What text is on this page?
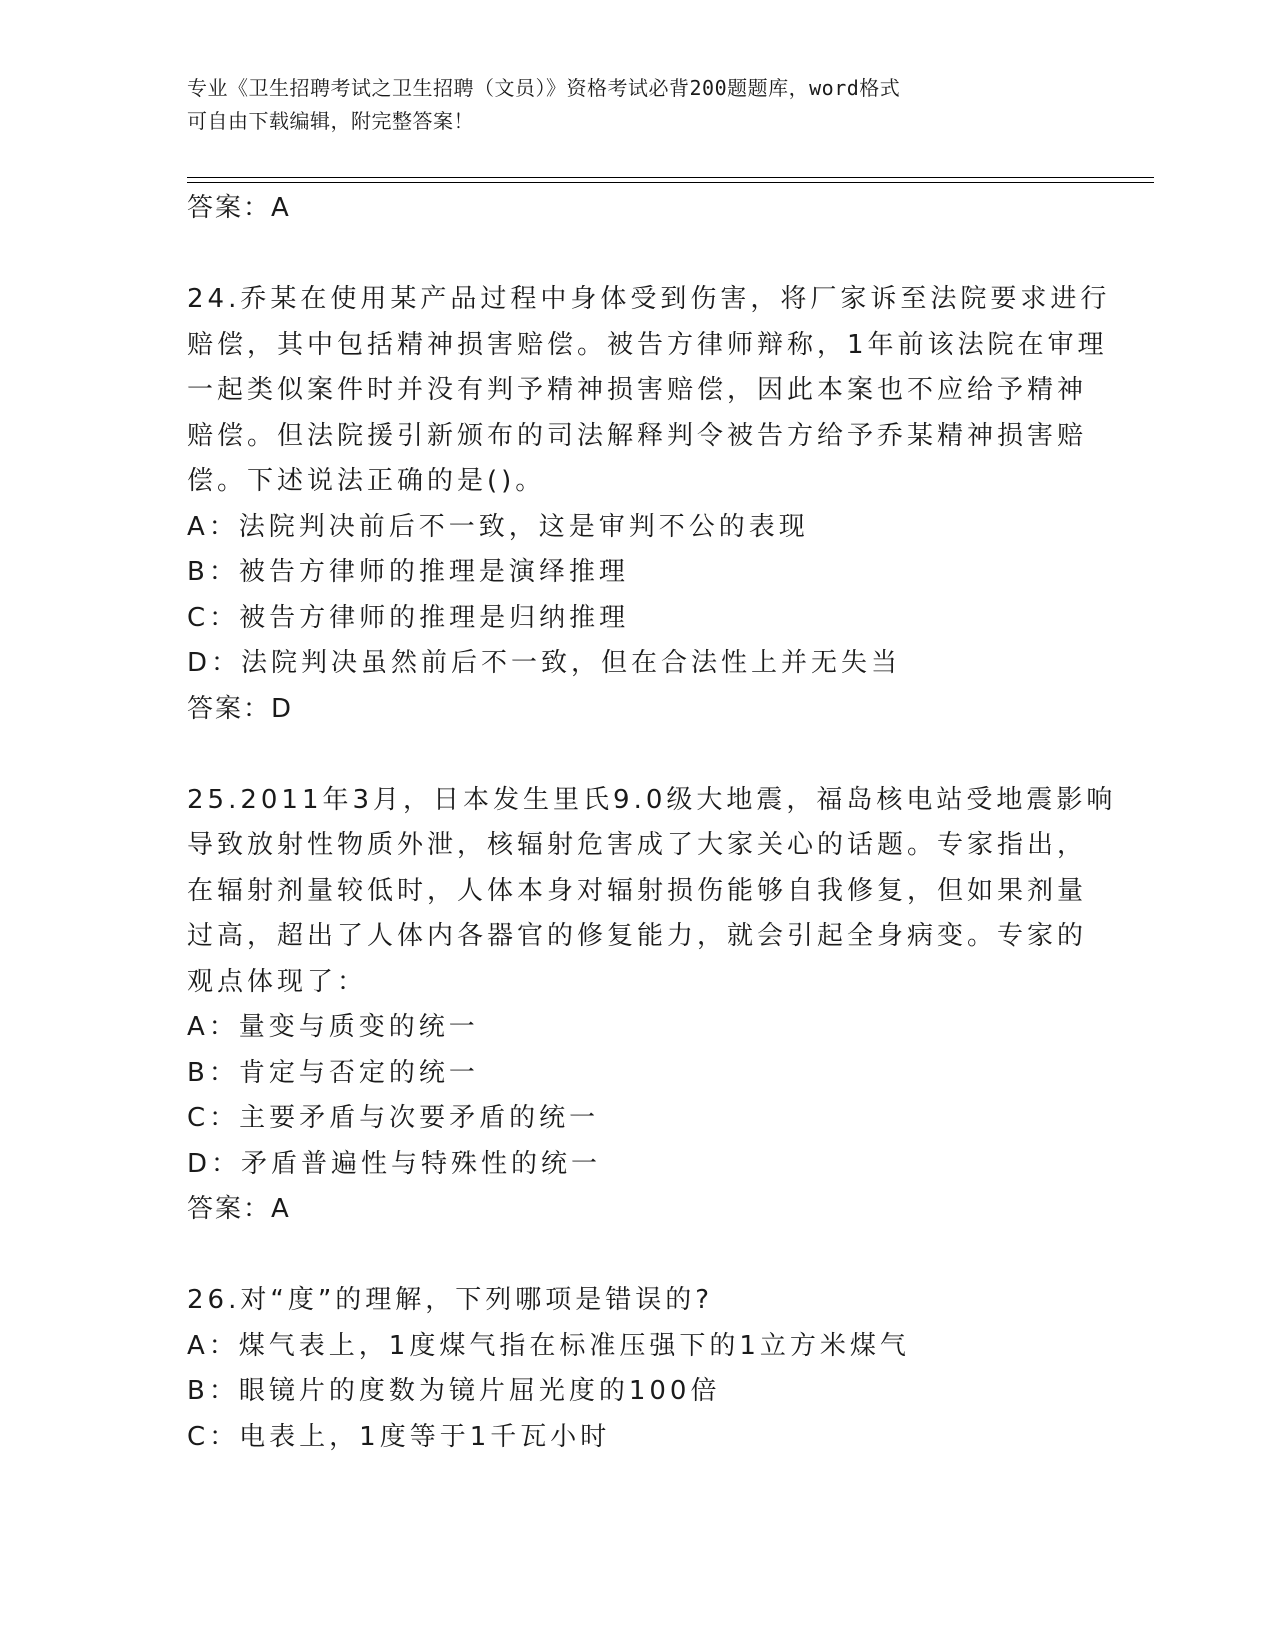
专业《卫生招聘考试之卫生招聘（文员）》资格考试必背200题题库，word格式
可自由下载编辑，附完整答案！
答案：A
24.乔某在使用某产品过程中身体受到伤害，将厂家诉至法院要求进行
赔偿，其中包括精神损害赔偿。被告方律师辩称，1年前该法院在审理
一起类似案件时并没有判予精神损害赔偿，因此本案也不应给予精神
赔偿。但法院援引新颁布的司法解释判令被告方给予乔某精神损害赔
偿。下述说法正确的是()。
A：法院判决前后不一致，这是审判不公的表现
B：被告方律师的推理是演绎推理
C：被告方律师的推理是归纳推理
D：法院判决虽然前后不一致，但在合法性上并无失当
答案：D
25.2011年3月，日本发生里氏9.0级大地震，福岛核电站受地震影响
导致放射性物质外泄，核辐射危害成了大家关心的话题。专家指出，
在辐射剂量较低时，人体本身对辐射损伤能够自我修复，但如果剂量
过高，超出了人体内各器官的修复能力，就会引起全身病变。专家的
观点体现了：
A：量变与质变的统一
B：肯定与否定的统一
C：主要矛盾与次要矛盾的统一
D：矛盾普遍性与特殊性的统一
答案：A
26.对“度”的理解，下列哪项是错误的?
A：煤气表上，1度煤气指在标准压强下的1立方米煤气
B：眼镜片的度数为镜片屈光度的100倍
C：电表上，1度等于1千瓦小时
